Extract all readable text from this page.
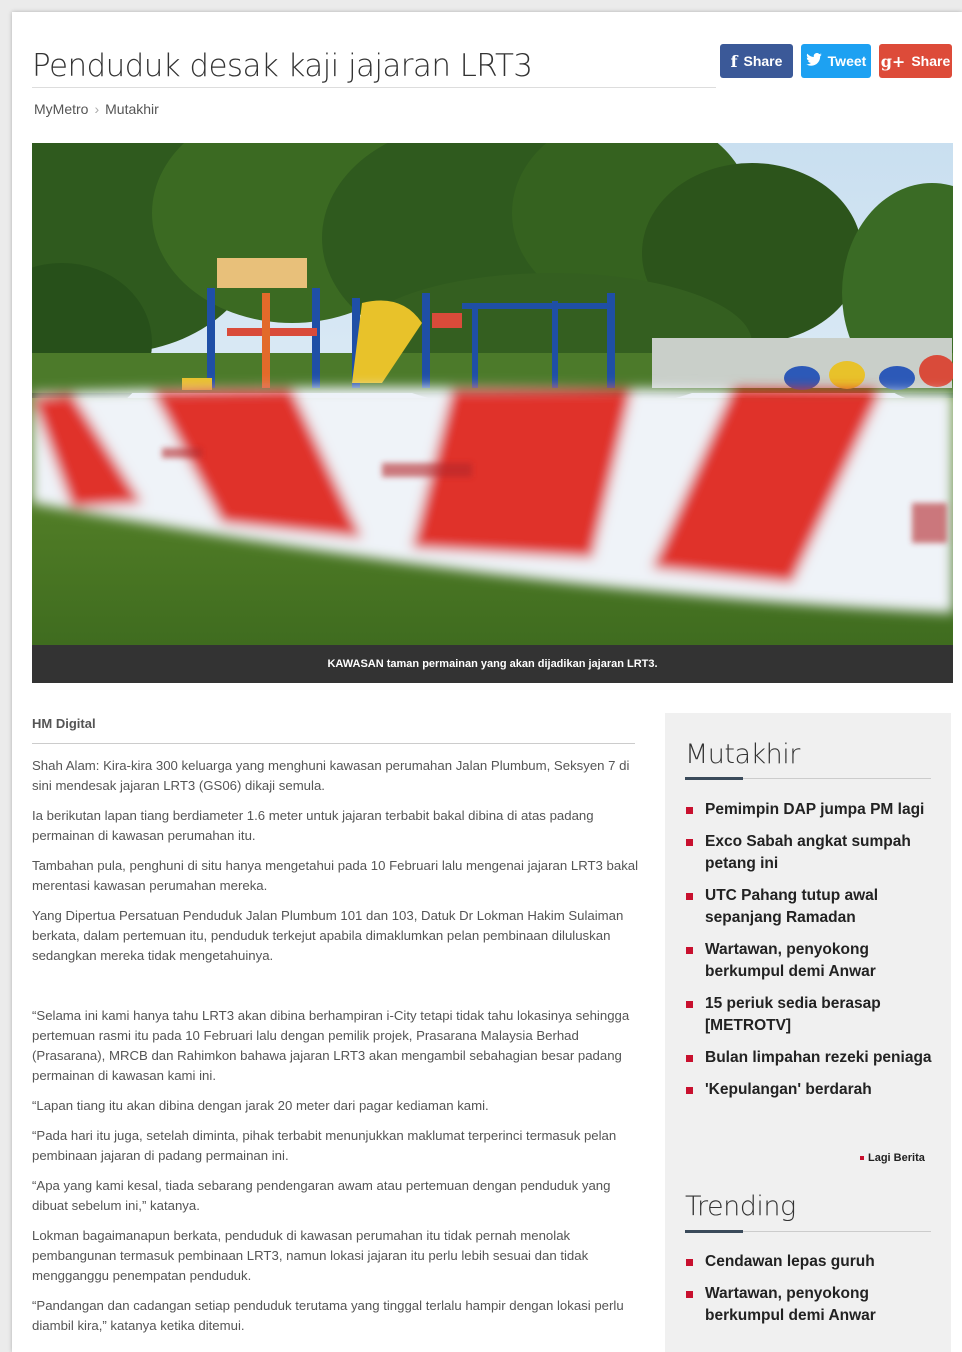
Penduduk desak kaji jajaran LRT3	f Share	Tweet g+ Share
MyMetro › Mutakhir
KAWASAN taman permainan yang akan dijadikan jajaran LRT3.
HM Digital

Shah Alam: Kira-kira 300 keluarga yang menghuni kawasan perumahan Jalan Plumbum, Seksyen 7 di sini mendesak jajaran LRT3 (GS06) dikaji semula.

Ia berikutan lapan tiang berdiameter 1.6 meter untuk jajaran terbabit bakal dibina di atas padang permainan di kawasan perumahan itu.

Tambahan pula, penghuni di situ hanya mengetahui pada 10 Februari lalu mengenai jajaran LRT3 bakal merentasi kawasan perumahan mereka.

Yang Dipertua Persatuan Penduduk Jalan Plumbum 101 dan 103, Datuk Dr Lokman Hakim Sulaiman berkata, dalam pertemuan itu, penduduk terkejut apabila dimaklumkan pelan pembinaan diluluskan sedangkan mereka tidak mengetahuinya.

“Selama ini kami hanya tahu LRT3 akan dibina berhampiran i-City tetapi tidak tahu lokasinya sehingga pertemuan rasmi itu pada 10 Februari lalu dengan pemilik projek, Prasarana Malaysia Berhad (Prasarana), MRCB dan Rahimkon bahawa jajaran LRT3 akan mengambil sebahagian besar padang permainan di kawasan kami ini.

“Lapan tiang itu akan dibina dengan jarak 20 meter dari pagar kediaman kami.

“Pada hari itu juga, setelah diminta, pihak terbabit menunjukkan maklumat terperinci termasuk pelan pembinaan jajaran di padang permainan ini.

“Apa yang kami kesal, tiada sebarang pendengaran awam atau pertemuan dengan penduduk yang dibuat sebelum ini,” katanya.

Lokman bagaimanapun berkata, penduduk di kawasan perumahan itu tidak pernah menolak pembangunan termasuk pembinaan LRT3, namun lokasi jajaran itu perlu lebih sesuai dan tidak mengganggu penempatan penduduk.

“Pandangan dan cadangan setiap penduduk terutama yang tinggal terlalu hampir dengan lokasi perlu diambil kira,” katanya ketika ditemui.

Mutakhir
Pemimpin DAP jumpa PM lagi
Exco Sabah angkat sumpah petang ini
UTC Pahang tutup awal sepanjang Ramadan
Wartawan, penyokong berkumpul demi Anwar
15 periuk sedia berasap [METROTV]
Bulan limpahan rezeki peniaga
'Kepulangan' berdarah
Lagi Berita
Trending
Cendawan lepas guruh
Wartawan, penyokong berkumpul demi Anwar
